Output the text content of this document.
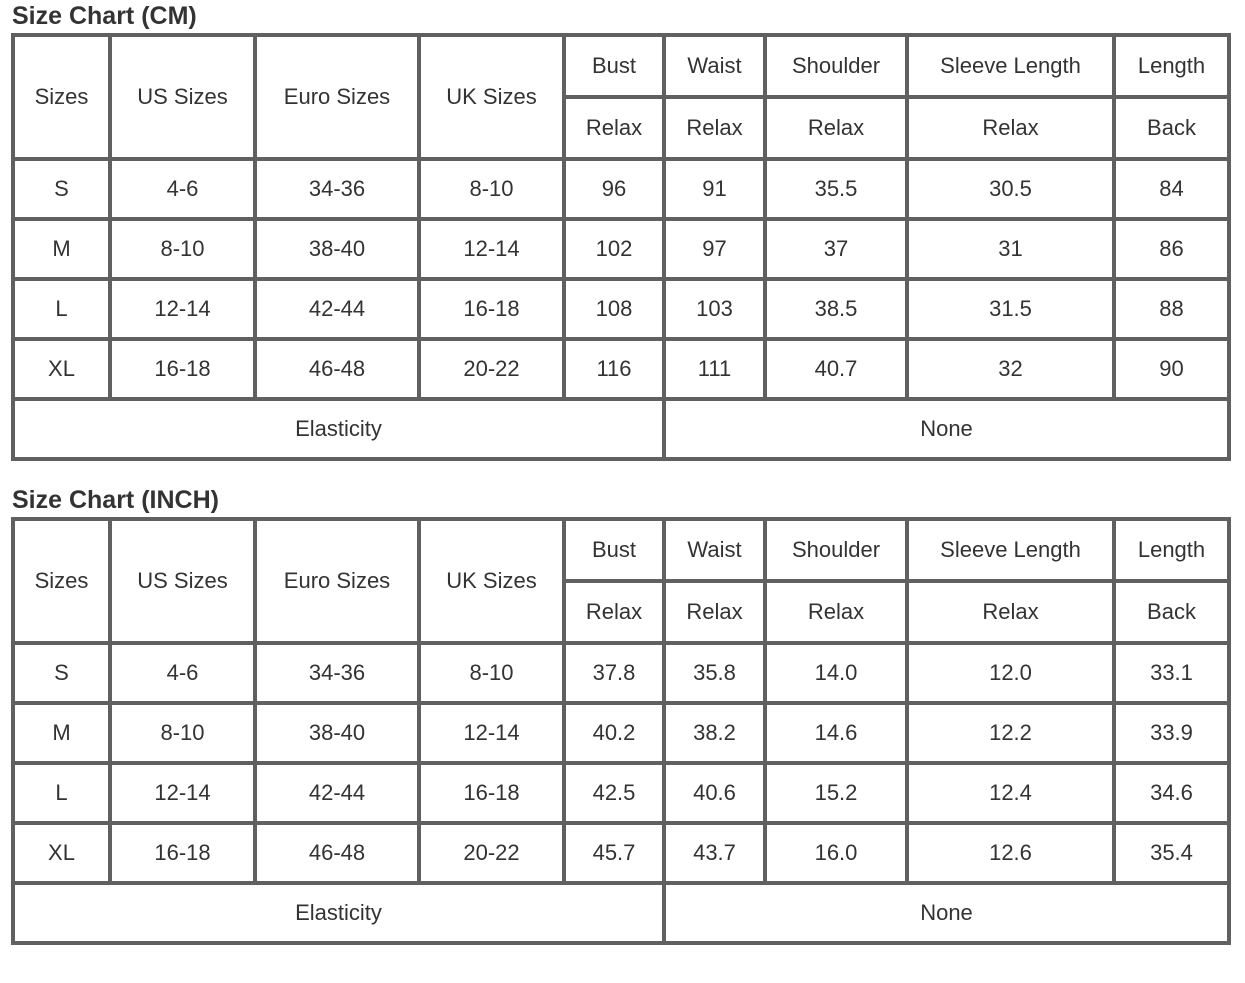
Size Chart (CM)
Sizes	US Sizes	Euro Sizes	UK Sizes	Bust	Waist	Shoulder	Sleeve Length	Length
				Relax	Relax	Relax	Relax	Back
S	4-6	34-36	8-10	96	91	35.5	30.5	84
M	8-10	38-40	12-14	102	97	37	31	86
L	12-14	42-44	16-18	108	103	38.5	31.5	88
XL	16-18	46-48	20-22	116	111	40.7	32	90
Elasticity					None			
Size Chart (INCH)
Sizes	US Sizes	Euro Sizes	UK Sizes	Bust	Waist	Shoulder	Sleeve Length	Length
				Relax	Relax	Relax	Relax	Back
S	4-6	34-36	8-10	37.8	35.8	14.0	12.0	33.1
M	8-10	38-40	12-14	40.2	38.2	14.6	12.2	33.9
L	12-14	42-44	16-18	42.5	40.6	15.2	12.4	34.6
XL	16-18	46-48	20-22	45.7	43.7	16.0	12.6	35.4
Elasticity					None			
